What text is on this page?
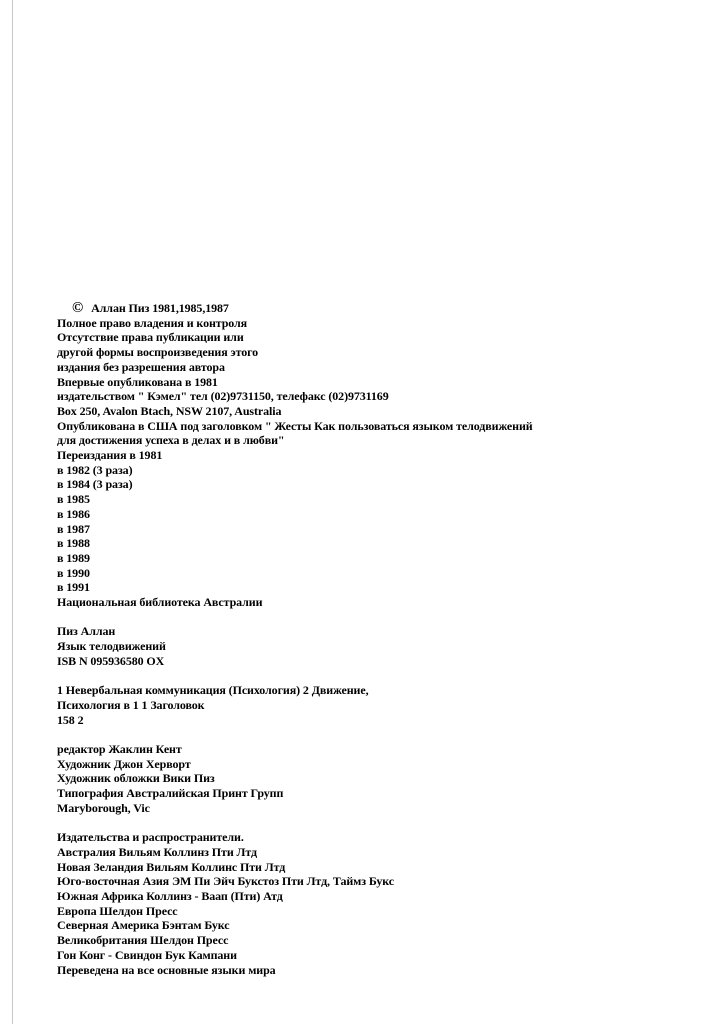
© Аллан Пиз 1981,1985,1987
Полное право владения и контроля
Отсутствие права публикации или
другой формы воспроизведения этого
издания без разрешения автора
Впервые опубликована в 1981
издательством " Кэмел" тел (02)9731150, телефакс (02)9731169
Box 250, Avalon Btach, NSW 2107, Australia
Опубликована в США под заголовком " Жесты Как пользоваться языком телодвижений
для достижения успеха в делах и в любви"
Переиздания в 1981
в 1982 (3 раза)
в 1984 (3 раза)
в 1985
в 1986
в 1987
в 1988
в 1989
в 1990
в 1991
Национальная библиотека Австралии
Пиз Аллан
Язык телодвижений
ISB N 095936580 OX
1 Невербальная коммуникация (Психология) 2 Движение,
Психология в 1 1 Заголовок
158 2
редактор Жаклин Кент
Художник Джон Херворт
Художник обложки Вики Пиз
Типография Австралийская Принт Групп
Maryborough, Vic
Издательства и распространители.
Австралия Вильям Коллинз Пти Лтд
Новая Зеландия Вильям Коллинс Пти Лтд
Юго-восточная Азия ЭМ Пи Эйч Букстоз Пти Лтд, Таймз Букс
Южная Африка Коллинз - Ваап (Пти) Атд
Европа Шелдон Пресс
Северная Америка Бэнтам Букс
Великобритания Шелдон Пресс
Гон Конг - Свиндон Бук Кампани
Переведена на все основные языки мира
